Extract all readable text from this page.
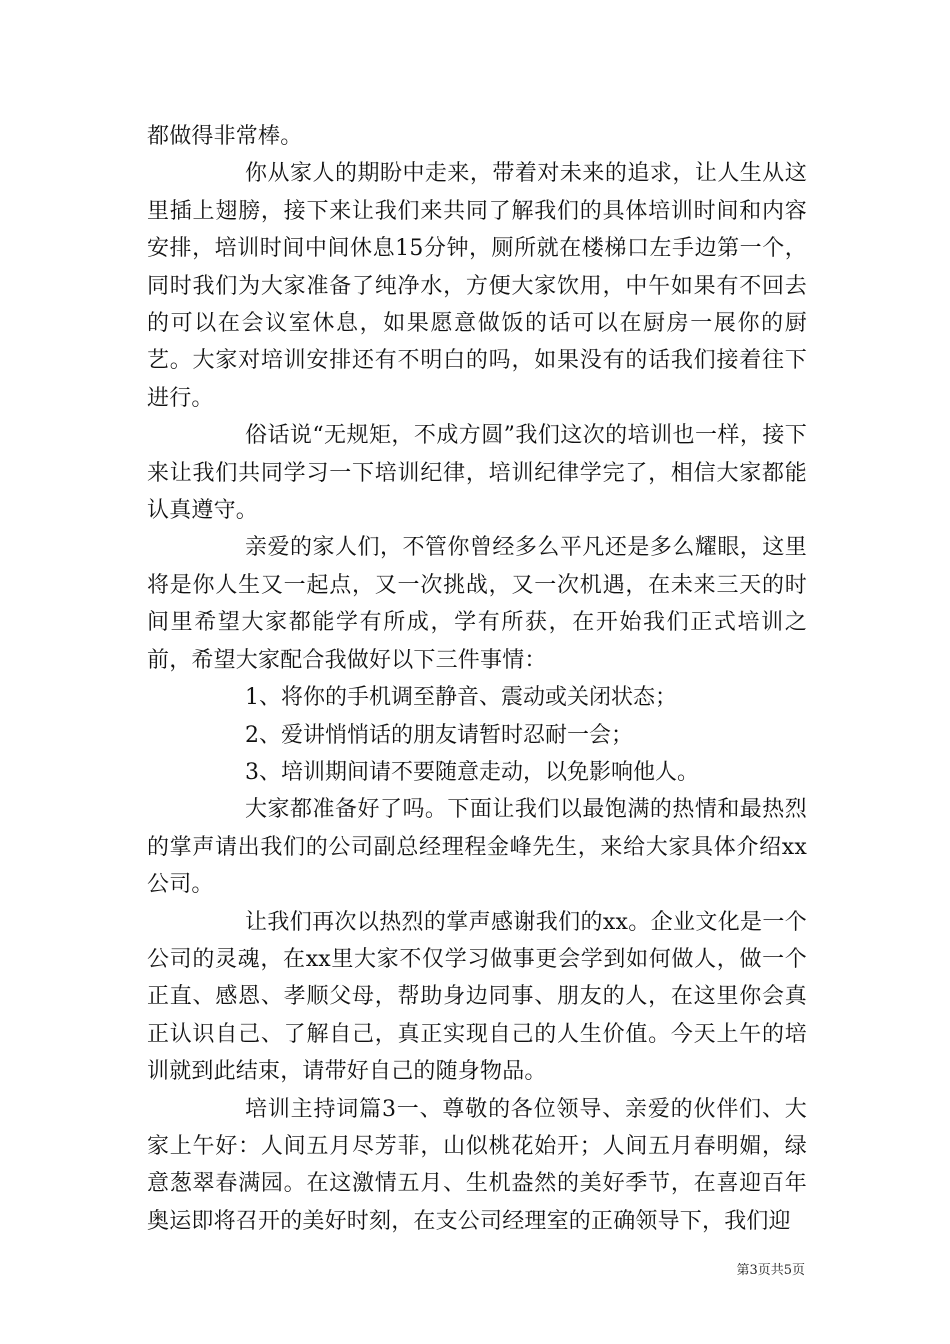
都做得非常棒。

你从家人的期盼中走来，带着对未来的追求，让人生从这里插上翅膀，接下来让我们来共同了解我们的具体培训时间和内容安排，培训时间中间休息15分钟，厕所就在楼梯口左手边第一个，同时我们为大家准备了纯净水，方便大家饮用，中午如果有不回去的可以在会议室休息，如果愿意做饭的话可以在厨房一展你的厨艺。大家对培训安排还有不明白的吗，如果没有的话我们接着往下进行。

俗话说“无规矩，不成方圆”我们这次的培训也一样，接下来让我们共同学习一下培训纪律，培训纪律学完了，相信大家都能认真遵守。

亲爱的家人们，不管你曾经多么平凡还是多么耀眼，这里将是你人生又一起点，又一次挑战，又一次机遇，在未来三天的时间里希望大家都能学有所成，学有所获，在开始我们正式培训之前，希望大家配合我做好以下三件事情：

1、将你的手机调至静音、震动或关闭状态；

2、爱讲悄悄话的朋友请暂时忍耐一会；

3、培训期间请不要随意走动，以免影响他人。

大家都准备好了吗。下面让我们以最饱满的热情和最热烈的掌声请出我们的公司副总经理程金峰先生，来给大家具体介绍xx公司。

让我们再次以热烈的掌声感谢我们的xx。企业文化是一个公司的灵魂，在xx里大家不仅学习做事更会学到如何做人，做一个正直、感恩、孝顺父母，帮助身边同事、朋友的人，在这里你会真正认识自己、了解自己，真正实现自己的人生价值。今天上午的培训就到此结束，请带好自己的随身物品。

培训主持词篇3一、尊敬的各位领导、亲爱的伙伴们、大家上午好：人间五月尽芳菲，山似桃花始开；人间五月春明媚，绿意葱翠春满园。在这激情五月、生机盎然的美好季节，在喜迎百年奥运即将召开的美好时刻，在支公司经理室的正确领导下，我们迎

第3页共5页
